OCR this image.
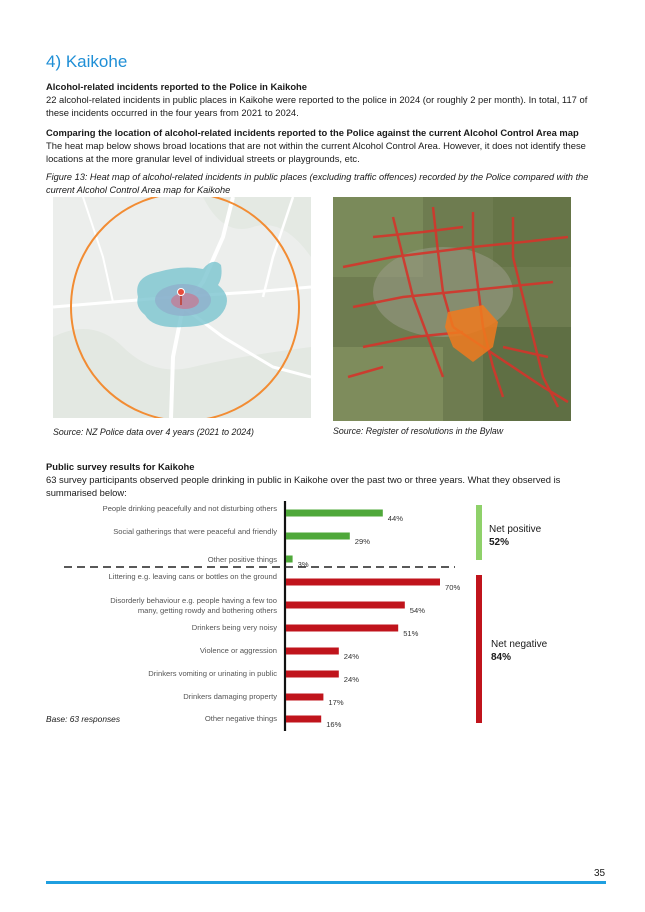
4) Kaikohe
Alcohol-related incidents reported to the Police in Kaikohe
22 alcohol-related incidents in public places in Kaikohe were reported to the police in 2024 (or roughly 2 per month). In total, 117 of these incidents occurred in the four years from 2021 to 2024.
Comparing the location of alcohol-related incidents reported to the Police against the current Alcohol Control Area map
The heat map below shows broad locations that are not within the current Alcohol Control Area. However, it does not identify these locations at the more granular level of individual streets or playgrounds, etc.
Figure 13: Heat map of alcohol-related incidents in public places (excluding traffic offences) recorded by the Police compared with the current Alcohol Control Area map for Kaikohe
Source: NZ Police data over 4 years (2021 to 2024)	Source: Register of resolutions in the Bylaw
Public survey results for Kaikohe
63 survey participants observed people drinking in public in Kaikohe over the past two or three years. What they observed is summarised below:
People drinking peacefully and not disturbing others
Social gatherings that were peaceful and friendly
Other positive things
Littering e.g. leaving cans or bottles on the ground
Disorderly behaviour e.g. people having a few too many, getting rowdy and bothering others
Drinkers being very noisy
Violence or aggression
Drinkers vomiting or urinating in public
Drinkers damaging property
Other negative things
44%
29%
3%
70%
54%
51%
24%
24%
17%
16%
Net positive
52%
Net negative
84%
Base: 63 responses
35
